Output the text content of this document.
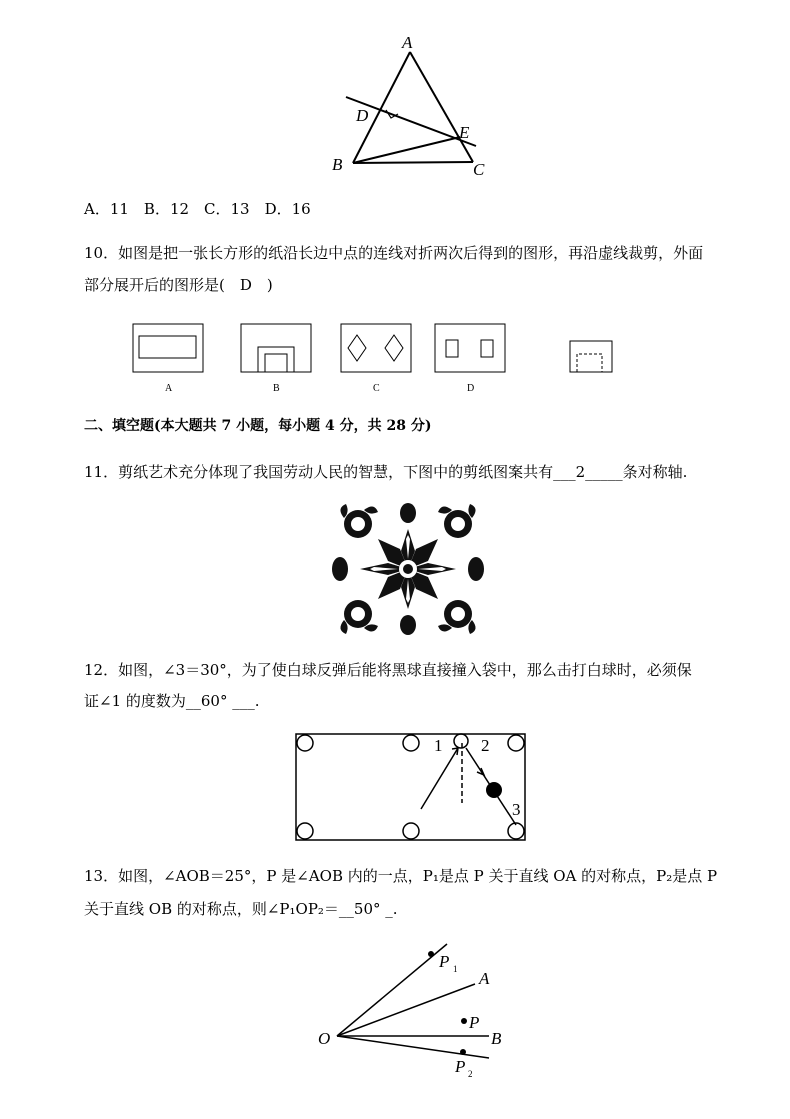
A
B	C
D
E
A．11　B．12　C．13　D．16
10．如图是把一张长方形的纸沿长边中点的连线对折两次后得到的图形，再沿虚线裁剪，外面
部分展开后的图形是(　D　)
A	B	C	D
二、填空题(本大题共 7 小题，每小题 4 分，共 28 分)
11．剪纸艺术充分体现了我国劳动人民的智慧，下图中的剪纸图案共有___2_____条对称轴.
12．如图，∠3＝30°，为了使白球反弹后能将黑球直接撞入袋中，那么击打白球时，必须保
证∠1 的度数为__60° ___.
1 2
3
13．如图，∠AOB＝25°，P 是∠AOB 内的一点，P₁是点 P 关于直线 OA 的对称点，P₂是点 P
关于直线 OB 的对称点，则∠P₁OP₂＝__50° _.
O
A
B
P
P 1
P 2
